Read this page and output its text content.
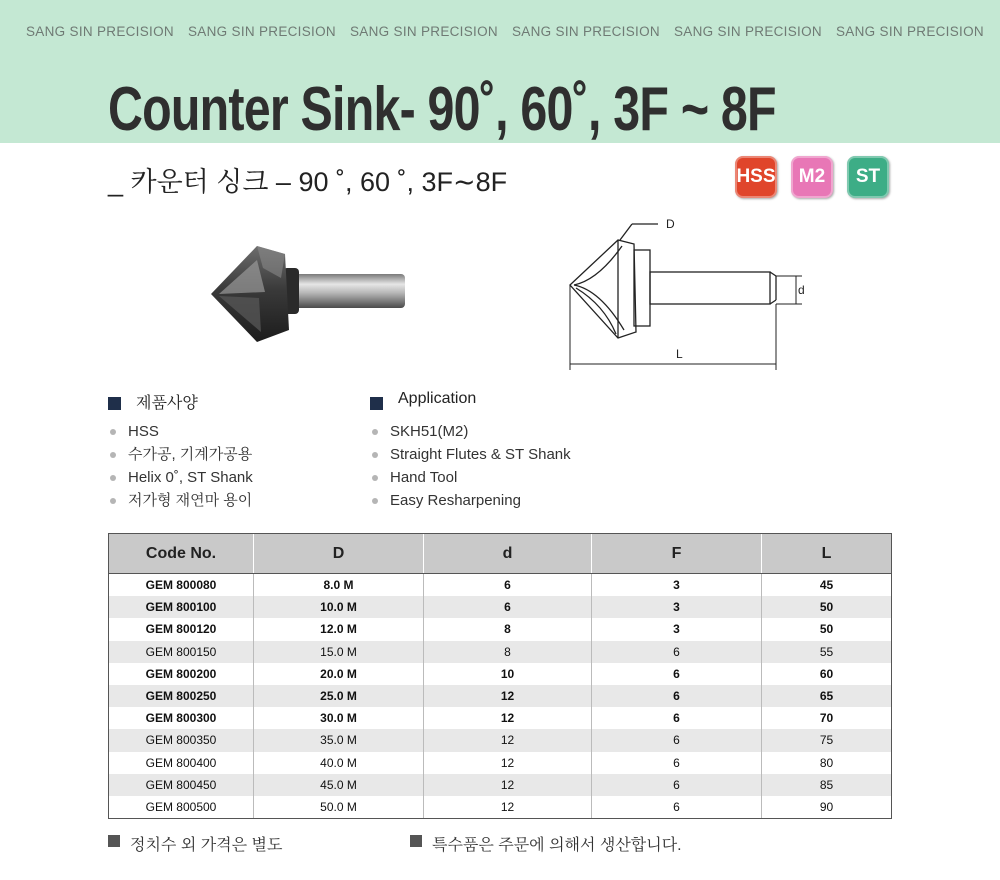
SANG SIN PRECISION SANG SIN PRECISION SANG SIN PRECISION SANG SIN PRECISION SANG SIN PRECISION SANG SIN PRECISION
Counter Sink- 90˚, 60˚, 3F ~ 8F
_ 카운터 싱크 – 90 ˚, 60 ˚, 3F∼8F	HSS	M2	ST
D
d
L
제품사양
HSS
수가공, 기계가공용
Helix 0˚, ST Shank
저가형 재연마 용이
Application
SKH51(M2)
Straight Flutes & ST Shank
Hand Tool
Easy Resharpening
Code No.	D	d	F	L
GEM 800080	8.0 M	6	3	45
GEM 800100	10.0 M	6	3	50
GEM 800120	12.0 M	8	3	50
GEM 800150	15.0 M	8	6	55
GEM 800200	20.0 M	10	6	60
GEM 800250	25.0 M	12	6	65
GEM 800300	30.0 M	12	6	70
GEM 800350	35.0 M	12	6	75
GEM 800400	40.0 M	12	6	80
GEM 800450	45.0 M	12	6	85
GEM 800500	50.0 M	12	6	90
정치수 외 가격은 별도	특수품은 주문에 의해서 생산합니다.
